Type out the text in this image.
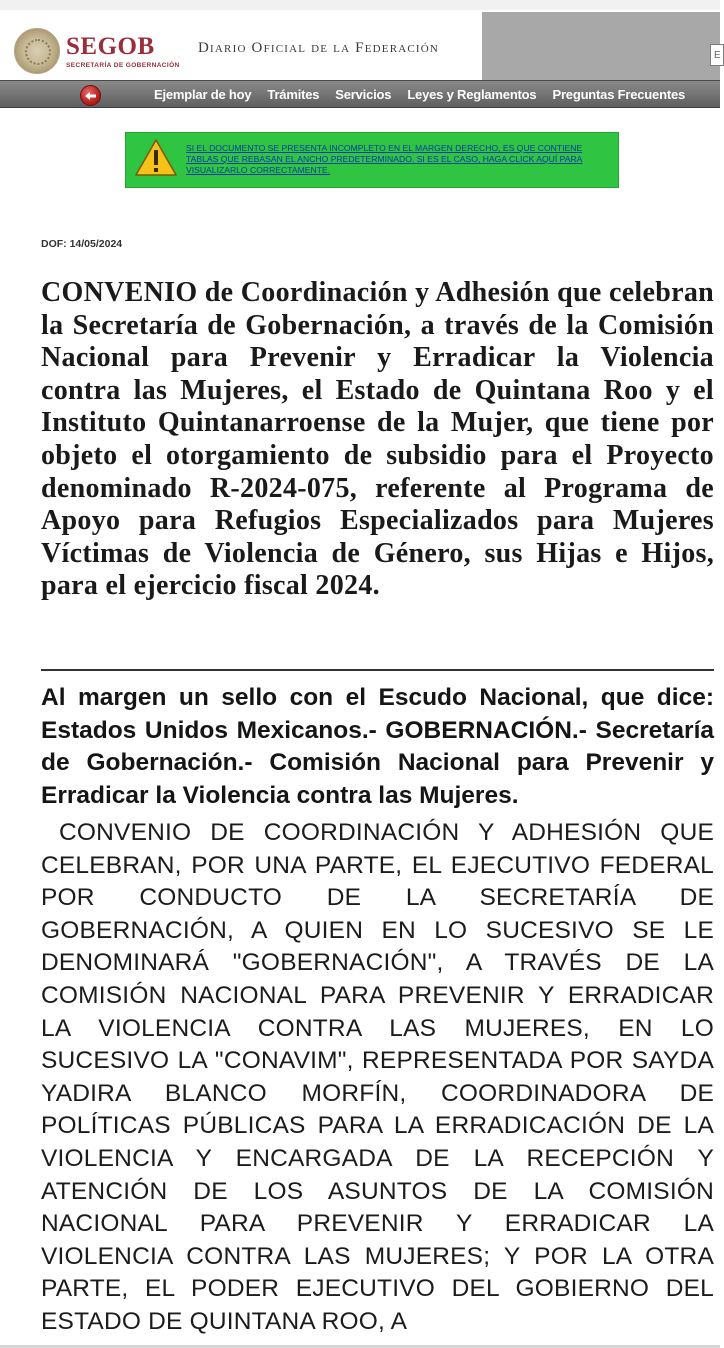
SEGOB
SECRETARÍA DE GOBERNACIÓN
Diario Oficial de la Federación	E
Ejemplar de hoy	Trámites	Servicios	Leyes y Reglamentos	Preguntas Frecuentes
SI EL DOCUMENTO SE PRESENTA INCOMPLETO EN EL MARGEN DERECHO, ES QUE CONTIENE TABLAS QUE REBASAN EL ANCHO PREDETERMINADO. SI ES EL CASO, HAGA CLICK AQUÍ PARA VISUALIZARLO CORRECTAMENTE.
DOF: 14/05/2024

CONVENIO de Coordinación y Adhesión que celebran la Secretaría de Gobernación, a través de la Comisión Nacional para Prevenir y Erradicar la Violencia contra las Mujeres, el Estado de Quintana Roo y el Instituto Quintanarroense de la Mujer, que tiene por objeto el otorgamiento de subsidio para el Proyecto denominado R-2024-075, referente al Programa de Apoyo para Refugios Especializados para Mujeres Víctimas de Violencia de Género, sus Hijas e Hijos, para el ejercicio fiscal 2024.

Al margen un sello con el Escudo Nacional, que dice: Estados Unidos Mexicanos.- GOBERNACIÓN.- Secretaría de Gobernación.- Comisión Nacional para Prevenir y Erradicar la Violencia contra las Mujeres.

CONVENIO DE COORDINACIÓN Y ADHESIÓN QUE CELEBRAN, POR UNA PARTE, EL EJECUTIVO FEDERAL POR CONDUCTO DE LA SECRETARÍA DE GOBERNACIÓN, A QUIEN EN LO SUCESIVO SE LE DENOMINARÁ "GOBERNACIÓN", A TRAVÉS DE LA COMISIÓN NACIONAL PARA PREVENIR Y ERRADICAR LA VIOLENCIA CONTRA LAS MUJERES, EN LO SUCESIVO LA "CONAVIM", REPRESENTADA POR SAYDA YADIRA BLANCO MORFÍN, COORDINADORA DE POLÍTICAS PÚBLICAS PARA LA ERRADICACIÓN DE LA VIOLENCIA Y ENCARGADA DE LA RECEPCIÓN Y ATENCIÓN DE LOS ASUNTOS DE LA COMISIÓN NACIONAL PARA PREVENIR Y ERRADICAR LA VIOLENCIA CONTRA LAS MUJERES; Y POR LA OTRA PARTE, EL PODER EJECUTIVO DEL GOBIERNO DEL ESTADO DE QUINTANA ROO, A
